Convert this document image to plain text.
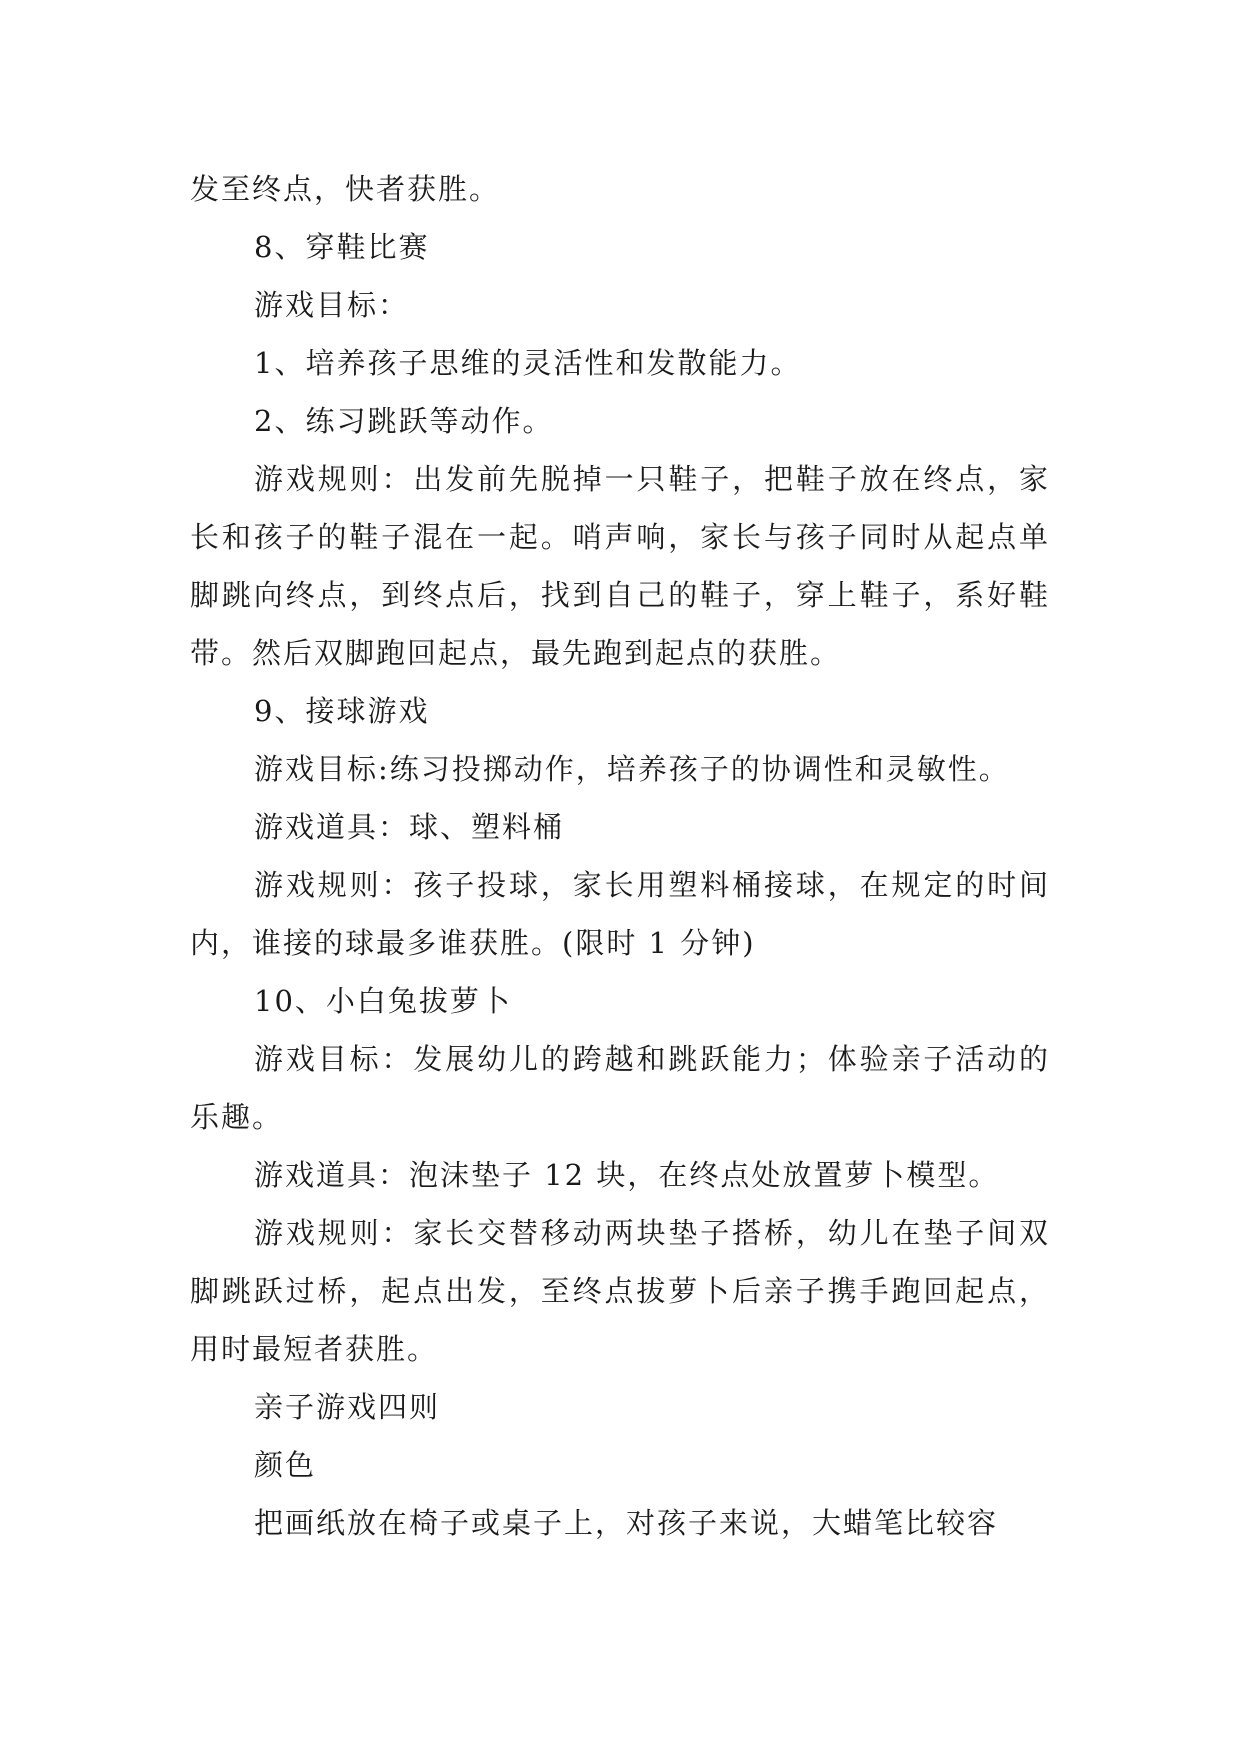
发至终点，快者获胜。

8、穿鞋比赛

游戏目标：

1、培养孩子思维的灵活性和发散能力。

2、练习跳跃等动作。

游戏规则：出发前先脱掉一只鞋子，把鞋子放在终点，家长和孩子的鞋子混在一起。哨声响，家长与孩子同时从起点单脚跳向终点，到终点后，找到自己的鞋子，穿上鞋子，系好鞋带。然后双脚跑回起点，最先跑到起点的获胜。

9、接球游戏

游戏目标:练习投掷动作，培养孩子的协调性和灵敏性。

游戏道具：球、塑料桶

游戏规则：孩子投球，家长用塑料桶接球，在规定的时间内，谁接的球最多谁获胜。(限时 1 分钟)

10、小白兔拔萝卜

游戏目标：发展幼儿的跨越和跳跃能力；体验亲子活动的乐趣。

游戏道具：泡沫垫子 12 块，在终点处放置萝卜模型。

游戏规则：家长交替移动两块垫子搭桥，幼儿在垫子间双脚跳跃过桥，起点出发，至终点拔萝卜后亲子携手跑回起点，用时最短者获胜。

亲子游戏四则

颜色

把画纸放在椅子或桌子上，对孩子来说，大蜡笔比较容
